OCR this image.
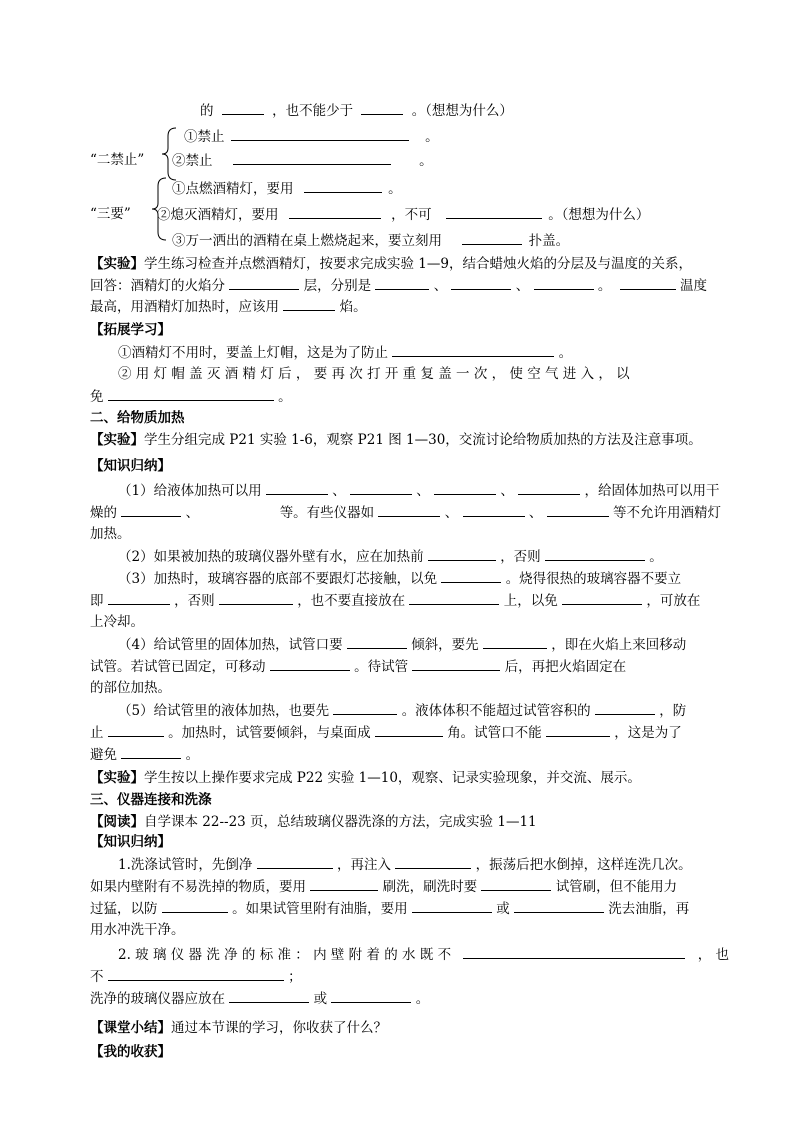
的	，也不能少于	。（想想为什么）
“二禁止”
①禁止	。
②禁止	。
“三要”
①点燃酒精灯，要用	。
②熄灭酒精灯，要用	，不可	。（想想为什么）
③万一洒出的酒精在桌上燃烧起来，要立刻用	扑盖。
【实验】学生练习检查并点燃酒精灯，按要求完成实验 1—9，结合蜡烛火焰的分层及与温度的关系，
回答：酒精灯的火焰分	层，分别是	、	、	。	温度
最高，用酒精灯加热时，应该用	焰。
【拓展学习】
①酒精灯不用时，要盖上灯帽，这是为了防止	。
② 用 灯 帽 盖 灭 酒 精 灯 后 ， 要 再 次 打 开 重 复 盖 一 次 ， 使 空 气 进 入 ， 以
免	。
二、给物质加热
【实验】学生分组完成 P21 实验 1-6，观察 P21 图 1—30，交流讨论给物质加热的方法及注意事项。
【知识归纳】
（1）给液体加热可以用	、	、	、	，给固体加热可以用干
燥的	、	等。有些仪器如	、	、	等不允许用酒精灯
加热。
（2）如果被加热的玻璃仪器外壁有水，应在加热前	，否则	。
（3）加热时，玻璃容器的底部不要跟灯芯接触，以免	。烧得很热的玻璃容器不要立
即	，否则	，也不要直接放在	上，以免	，可放在
上冷却。
（4）给试管里的固体加热，试管口要	倾斜，要先	，即在火焰上来回移动
试管。若试管已固定，可移动	。待试管	后，再把火焰固定在
的部位加热。
（5）给试管里的液体加热，也要先	。液体体积不能超过试管容积的	，防
止	。加热时，试管要倾斜，与桌面成	角。试管口不能	，这是为了
避免	。
【实验】学生按以上操作要求完成 P22 实验 1—10，观察、记录实验现象，并交流、展示。
三、仪器连接和洗涤
【阅读】自学课本 22--23 页，总结玻璃仪器洗涤的方法，完成实验 1—11
【知识归纳】
1.洗涤试管时，先倒净	，再注入	，振荡后把水倒掉，这样连洗几次。
如果内壁附有不易洗掉的物质，要用	刷洗，刷洗时要	试管刷，但不能用力
过猛，以防	。如果试管里附有油脂，要用	或	洗去油脂，再
用水冲洗干净。
2. 玻 璃 仪 器 洗 净 的 标 准 ： 内 壁 附 着 的 水 既 不	， 也
不	；
洗净的玻璃仪器应放在	或	。
【课堂小结】通过本节课的学习，你收获了什么？
【我的收获】
